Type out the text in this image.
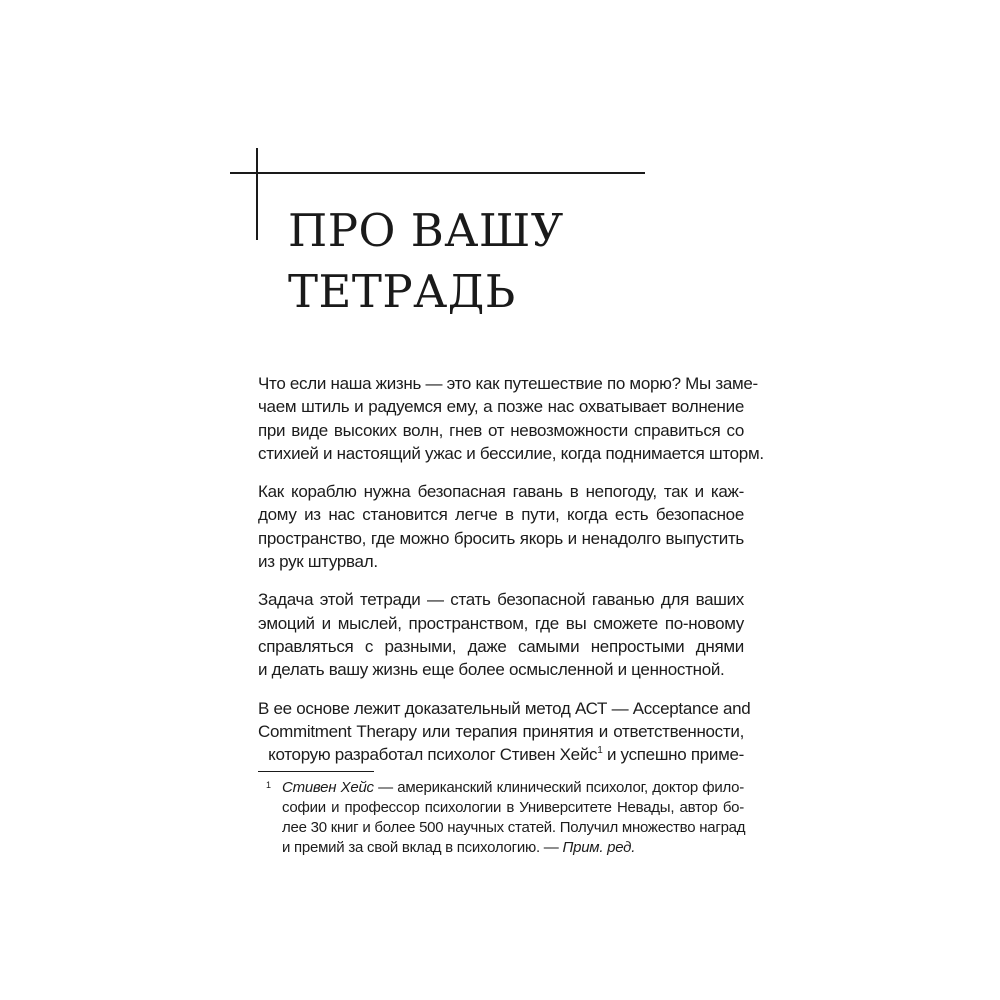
ПРО ВАШУ
ТЕТРАДЬ
Что если наша жизнь — это как путешествие по морю? Мы заме-
чаем штиль и радуемся ему, а позже нас охватывает волнение
при виде высоких волн, гнев от невозможности справиться со
стихией и настоящий ужас и бессилие, когда поднимается шторм.
Как кораблю нужна безопасная гавань в непогоду, так и каж-
дому из нас становится легче в пути, когда есть безопасное
пространство, где можно бросить якорь и ненадолго выпустить
из рук штурвал.
Задача этой тетради — стать безопасной гаванью для ваших
эмоций и мыслей, пространством, где вы сможете по-новому
справляться с разными, даже самыми непростыми днями
и делать вашу жизнь еще более осмысленной и ценностной.
В ее основе лежит доказательный метод АСТ — Acceptance and
Commitment Therapy или терапия принятия и ответственности,
которую разработал психолог Стивен Хейс$^1$ и успешно приме-
1 Стивен Хейс — американский клинический психолог, доктор фило-
софии и профессор психологии в Университете Невады, автор бо-
лее 30 книг и более 500 научных статей. Получил множество наград
и премий за свой вклад в психологию. — Прим. ред.
